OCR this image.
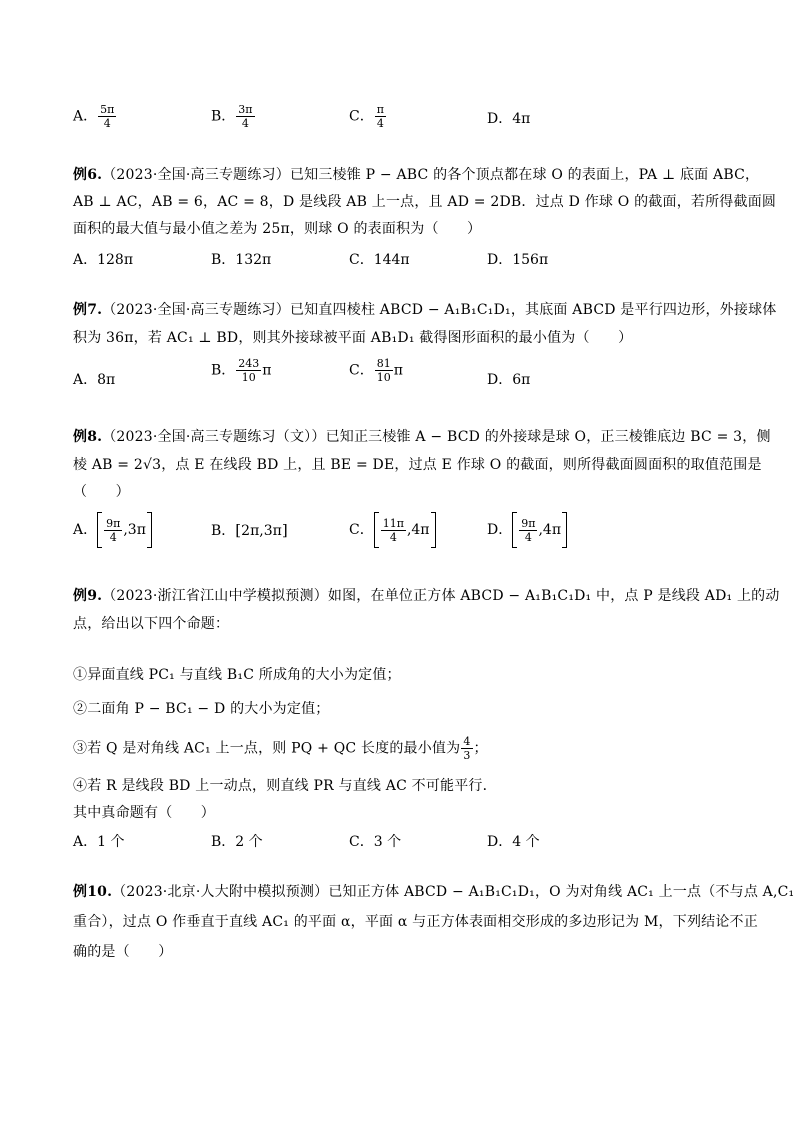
A． $\frac{5\pi}{4}$	B． $\frac{3\pi}{4}$	C． $\frac{\pi}{4}$	D．4π
例6.（2023·全国·高三专题练习）已知三棱锥 P − ABC 的各个顶点都在球 O 的表面上，PA ⊥ 底面 ABC，
AB ⊥ AC，AB = 6，AC = 8，D 是线段 AB 上一点，且 AD = 2DB．过点 D 作球 O 的截面，若所得截面圆
面积的最大值与最小值之差为 25π，则球 O 的表面积为（　　）
A．128π	B．132π	C．144π	D．156π
例7.（2023·全国·高三专题练习）已知直四棱柱 ABCD − A₁B₁C₁D₁，其底面 ABCD 是平行四边形，外接球体
积为 36π，若 AC₁ ⊥ BD，则其外接球被平面 AB₁D₁ 截得图形面积的最小值为（　　）
A．8π
B． $\frac{243}{10}$ π	C． $\frac{81}{10}$ π
D．6π
例8.（2023·全国·高三专题练习（文））已知正三棱锥 A − BCD 的外接球是球 O，正三棱锥底边 BC = 3，侧
棱 AB = 2√3，点 E 在线段 BD 上，且 BE = DE，过点 E 作球 O 的截面，则所得截面圆面积的取值范围是
（　　）
A． $\frac{9\pi}{4} ,3\pi$	B．[2π,3π]	C． $\frac{11\pi}{4} ,4\pi$	D． $\frac{9\pi}{4} ,4\pi$
例9.（2023·浙江省江山中学模拟预测）如图，在单位正方体 ABCD − A₁B₁C₁D₁ 中，点 P 是线段 AD₁ 上的动
点，给出以下四个命题：
①异面直线 PC₁ 与直线 B₁C 所成角的大小为定值；
②二面角 P − BC₁ − D 的大小为定值；
③若 Q 是对角线 AC₁ 上一点，则 PQ + QC 长度的最小值为 $\frac{4}{3}$ ；
④若 R 是线段 BD 上一动点，则直线 PR 与直线 AC 不可能平行．
其中真命题有（　　）
A．1 个	B．2 个	C．3 个	D．4 个
例10.（2023·北京·人大附中模拟预测）已知正方体 ABCD − A₁B₁C₁D₁，O 为对角线 AC₁ 上一点（不与点 A,C₁
重合），过点 O 作垂直于直线 AC₁ 的平面 α，平面 α 与正方体表面相交形成的多边形记为 M，下列结论不正
确的是（　　）
